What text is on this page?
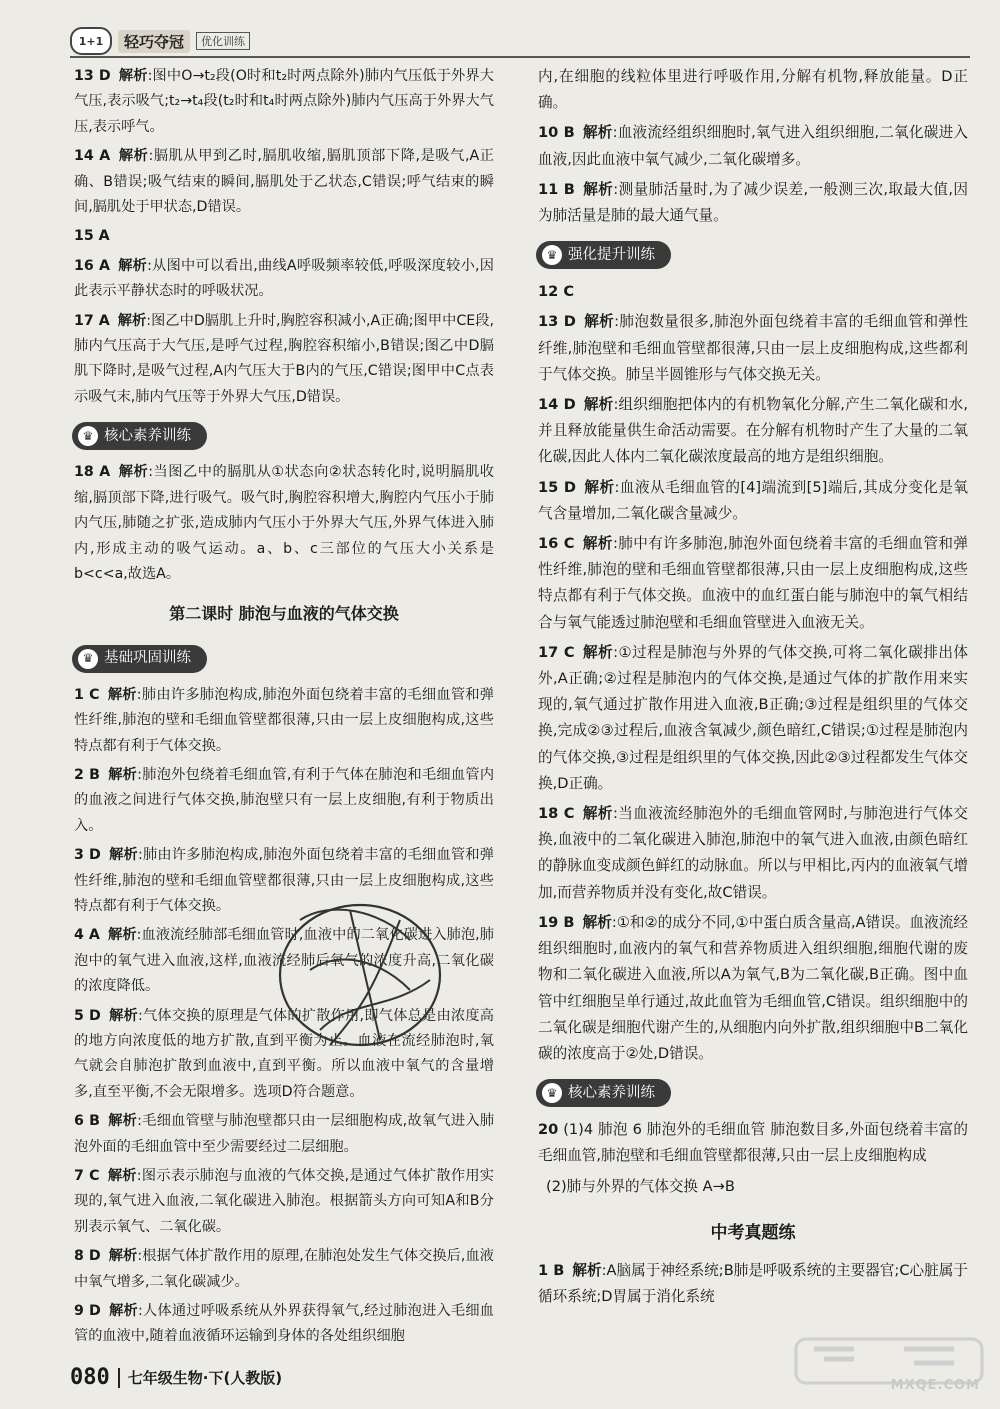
1+1	轻巧夺冠	优化训练
13 D 解析:图中O→t₂段(O时和t₂时两点除外)肺内气压低于外界大气压,表示吸气;t₂→t₄段(t₂时和t₄时两点除外)肺内气压高于外界大气压,表示呼气。
14 A 解析:膈肌从甲到乙时,膈肌收缩,膈肌顶部下降,是吸气,A正确、B错误;吸气结束的瞬间,膈肌处于乙状态,C错误;呼气结束的瞬间,膈肌处于甲状态,D错误。
15 A
16 A 解析:从图中可以看出,曲线A呼吸频率较低,呼吸深度较小,因此表示平静状态时的呼吸状况。
17 A 解析:图乙中D膈肌上升时,胸腔容积减小,A正确;图甲中CE段,肺内气压高于大气压,是呼气过程,胸腔容积缩小,B错误;图乙中D膈肌下降时,是吸气过程,A内气压大于B内的气压,C错误;图甲中C点表示吸气末,肺内气压等于外界大气压,D错误。
♛ 核心素养训练
18 A 解析:当图乙中的膈肌从①状态向②状态转化时,说明膈肌收缩,膈顶部下降,进行吸气。吸气时,胸腔容积增大,胸腔内气压小于肺内气压,肺随之扩张,造成肺内气压小于外界大气压,外界气体进入肺内,形成主动的吸气运动。a、b、c三部位的气压大小关系是b<c<a,故选A。
第二课时 肺泡与血液的气体交换
♛ 基础巩固训练
1 C 解析:肺由许多肺泡构成,肺泡外面包绕着丰富的毛细血管和弹性纤维,肺泡的壁和毛细血管壁都很薄,只由一层上皮细胞构成,这些特点都有利于气体交换。
2 B 解析:肺泡外包绕着毛细血管,有利于气体在肺泡和毛细血管内的血液之间进行气体交换,肺泡壁只有一层上皮细胞,有利于物质出入。
3 D 解析:肺由许多肺泡构成,肺泡外面包绕着丰富的毛细血管和弹性纤维,肺泡的壁和毛细血管壁都很薄,只由一层上皮细胞构成,这些特点都有利于气体交换。
4 A 解析:血液流经肺部毛细血管时,血液中的二氧化碳进入肺泡,肺泡中的氧气进入血液,这样,血液流经肺后氧气的浓度升高,二氧化碳的浓度降低。
5 D 解析:气体交换的原理是气体的扩散作用,即气体总是由浓度高的地方向浓度低的地方扩散,直到平衡为止。血液在流经肺泡时,氧气就会自肺泡扩散到血液中,直到平衡。所以血液中氧气的含量增多,直至平衡,不会无限增多。选项D符合题意。
6 B 解析:毛细血管壁与肺泡壁都只由一层细胞构成,故氧气进入肺泡外面的毛细血管中至少需要经过二层细胞。
7 C 解析:图示表示肺泡与血液的气体交换,是通过气体扩散作用实现的,氧气进入血液,二氧化碳进入肺泡。根据箭头方向可知A和B分别表示氧气、二氧化碳。
8 D 解析:根据气体扩散作用的原理,在肺泡处发生气体交换后,血液中氧气增多,二氧化碳减少。
9 D 解析:人体通过呼吸系统从外界获得氧气,经过肺泡进入毛细血管的血液中,随着血液循环运输到身体的各处组织细胞
内,在细胞的线粒体里进行呼吸作用,分解有机物,释放能量。D正确。
10 B 解析:血液流经组织细胞时,氧气进入组织细胞,二氧化碳进入血液,因此血液中氧气减少,二氧化碳增多。
11 B 解析:测量肺活量时,为了减少误差,一般测三次,取最大值,因为肺活量是肺的最大通气量。
♛ 强化提升训练
12 C
13 D 解析:肺泡数量很多,肺泡外面包绕着丰富的毛细血管和弹性纤维,肺泡壁和毛细血管壁都很薄,只由一层上皮细胞构成,这些都利于气体交换。肺呈半圆锥形与气体交换无关。
14 D 解析:组织细胞把体内的有机物氧化分解,产生二氧化碳和水,并且释放能量供生命活动需要。在分解有机物时产生了大量的二氧化碳,因此人体内二氧化碳浓度最高的地方是组织细胞。
15 D 解析:血液从毛细血管的[4]端流到[5]端后,其成分变化是氧气含量增加,二氧化碳含量减少。
16 C 解析:肺中有许多肺泡,肺泡外面包绕着丰富的毛细血管和弹性纤维,肺泡的壁和毛细血管壁都很薄,只由一层上皮细胞构成,这些特点都有利于气体交换。血液中的血红蛋白能与肺泡中的氧气相结合与氧气能透过肺泡壁和毛细血管壁进入血液无关。
17 C 解析:①过程是肺泡与外界的气体交换,可将二氧化碳排出体外,A正确;②过程是肺泡内的气体交换,是通过气体的扩散作用来实现的,氧气通过扩散作用进入血液,B正确;③过程是组织里的气体交换,完成②③过程后,血液含氧减少,颜色暗红,C错误;①过程是肺泡内的气体交换,③过程是组织里的气体交换,因此②③过程都发生气体交换,D正确。
18 C 解析:当血液流经肺泡外的毛细血管网时,与肺泡进行气体交换,血液中的二氧化碳进入肺泡,肺泡中的氧气进入血液,由颜色暗红的静脉血变成颜色鲜红的动脉血。所以与甲相比,丙内的血液氧气增加,而营养物质并没有变化,故C错误。
19 B 解析:①和②的成分不同,①中蛋白质含量高,A错误。血液流经组织细胞时,血液内的氧气和营养物质进入组织细胞,细胞代谢的废物和二氧化碳进入血液,所以A为氧气,B为二氧化碳,B正确。图中血管中红细胞呈单行通过,故此血管为毛细血管,C错误。组织细胞中的二氧化碳是细胞代谢产生的,从细胞内向外扩散,组织细胞中B二氧化碳的浓度高于②处,D错误。
♛ 核心素养训练
20 (1)4 肺泡 6 肺泡外的毛细血管 肺泡数目多,外面包绕着丰富的毛细血管,肺泡壁和毛细血管壁都很薄,只由一层上皮细胞构成
(2)肺与外界的气体交换 A→B
中考真题练
1 B 解析:A脑属于神经系统;B肺是呼吸系统的主要器官;C心脏属于循环系统;D胃属于消化系统
MXQE.COM
080 七年级生物·下(人教版)
